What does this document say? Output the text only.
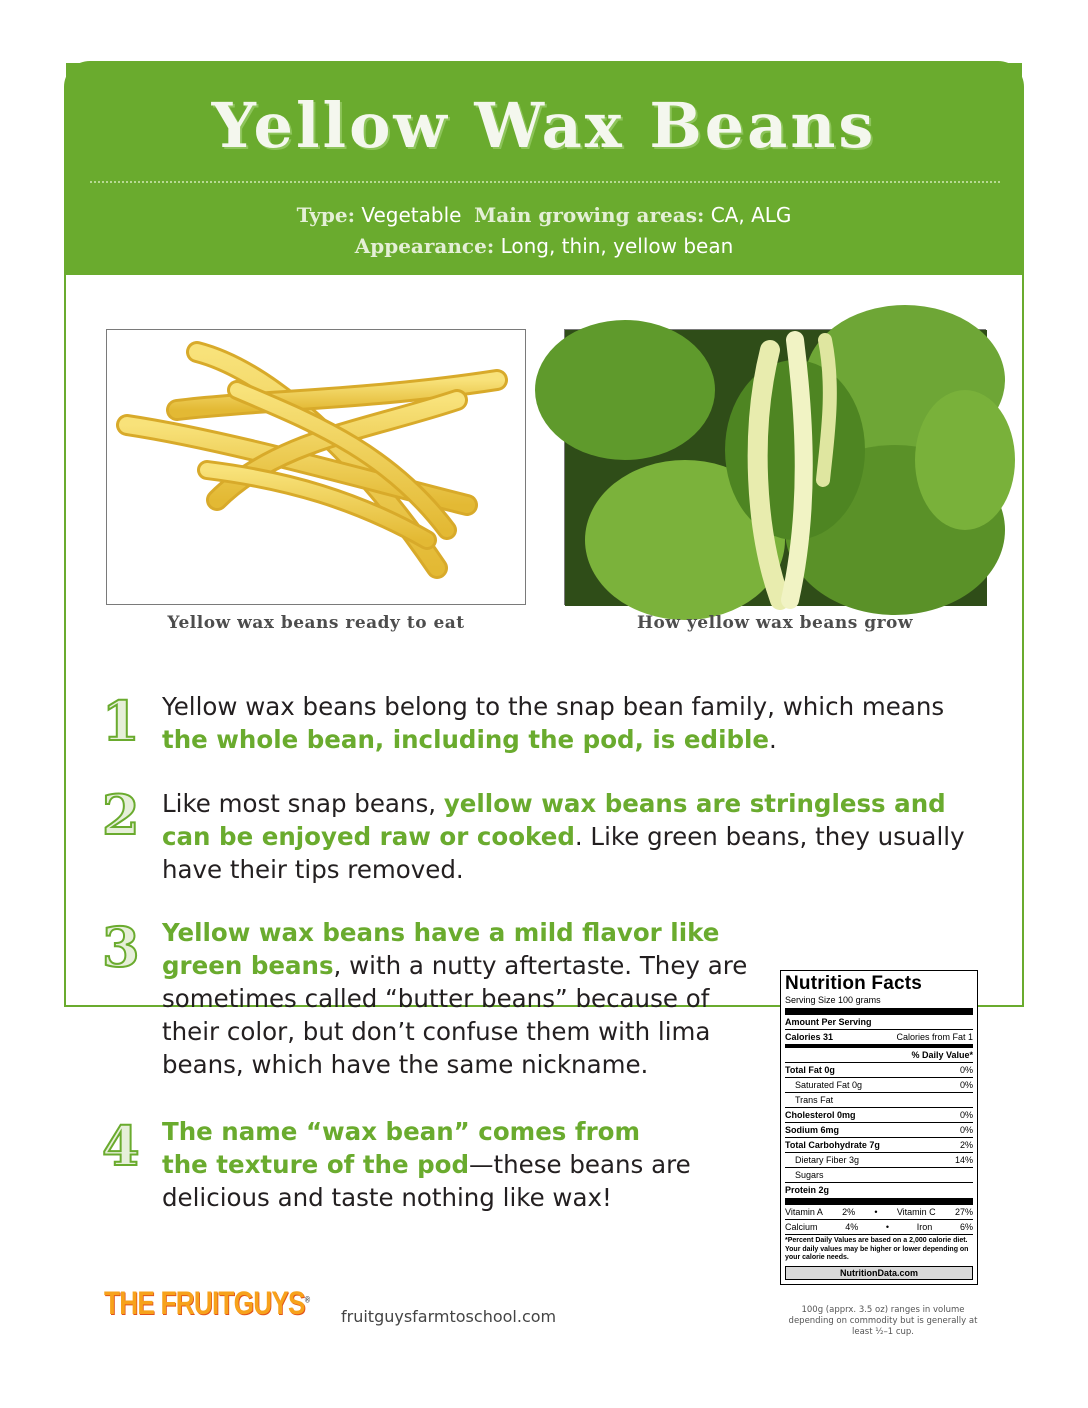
Yellow Wax Beans
Type: Vegetable Main growing areas: CA, ALG
Appearance: Long, thin, yellow bean
Yellow wax beans ready to eat	How yellow wax beans grow
1 Yellow wax beans belong to the snap bean family, which means the whole bean, including the pod, is edible.
2 Like most snap beans, yellow wax beans are stringless and can be enjoyed raw or cooked. Like green beans, they usually have their tips removed.
3 Yellow wax beans have a mild flavor like green beans, with a nutty aftertaste. They are sometimes called “butter beans” because of their color, but don’t confuse them with lima beans, which have the same nickname.
4 The name “wax bean” comes from the texture of the pod—these beans are delicious and taste nothing like wax!
Nutrition Facts
Serving Size 100 grams
Amount Per Serving
Calories 31	Calories from Fat 1
% Daily Value*
Total Fat 0g	0%
Saturated Fat 0g	0%
Trans Fat
Cholesterol 0mg	0%
Sodium 6mg	0%
Total Carbohydrate 7g	2%
Dietary Fiber 3g	14%
Sugars
Protein 2g
Vitamin A 2% • Vitamin C 27%
Calcium	4%	•	Iron	6%
*Percent Daily Values are based on a 2,000 calorie diet. Your daily values may be higher or lower depending on your calorie needs.
NutritionData.com
100g (apprx. 3.5 oz) ranges in volume depending on commodity but is generally at least ½–1 cup.
THE FRUITGUYS®
fruitguysfarmtoschool.com
